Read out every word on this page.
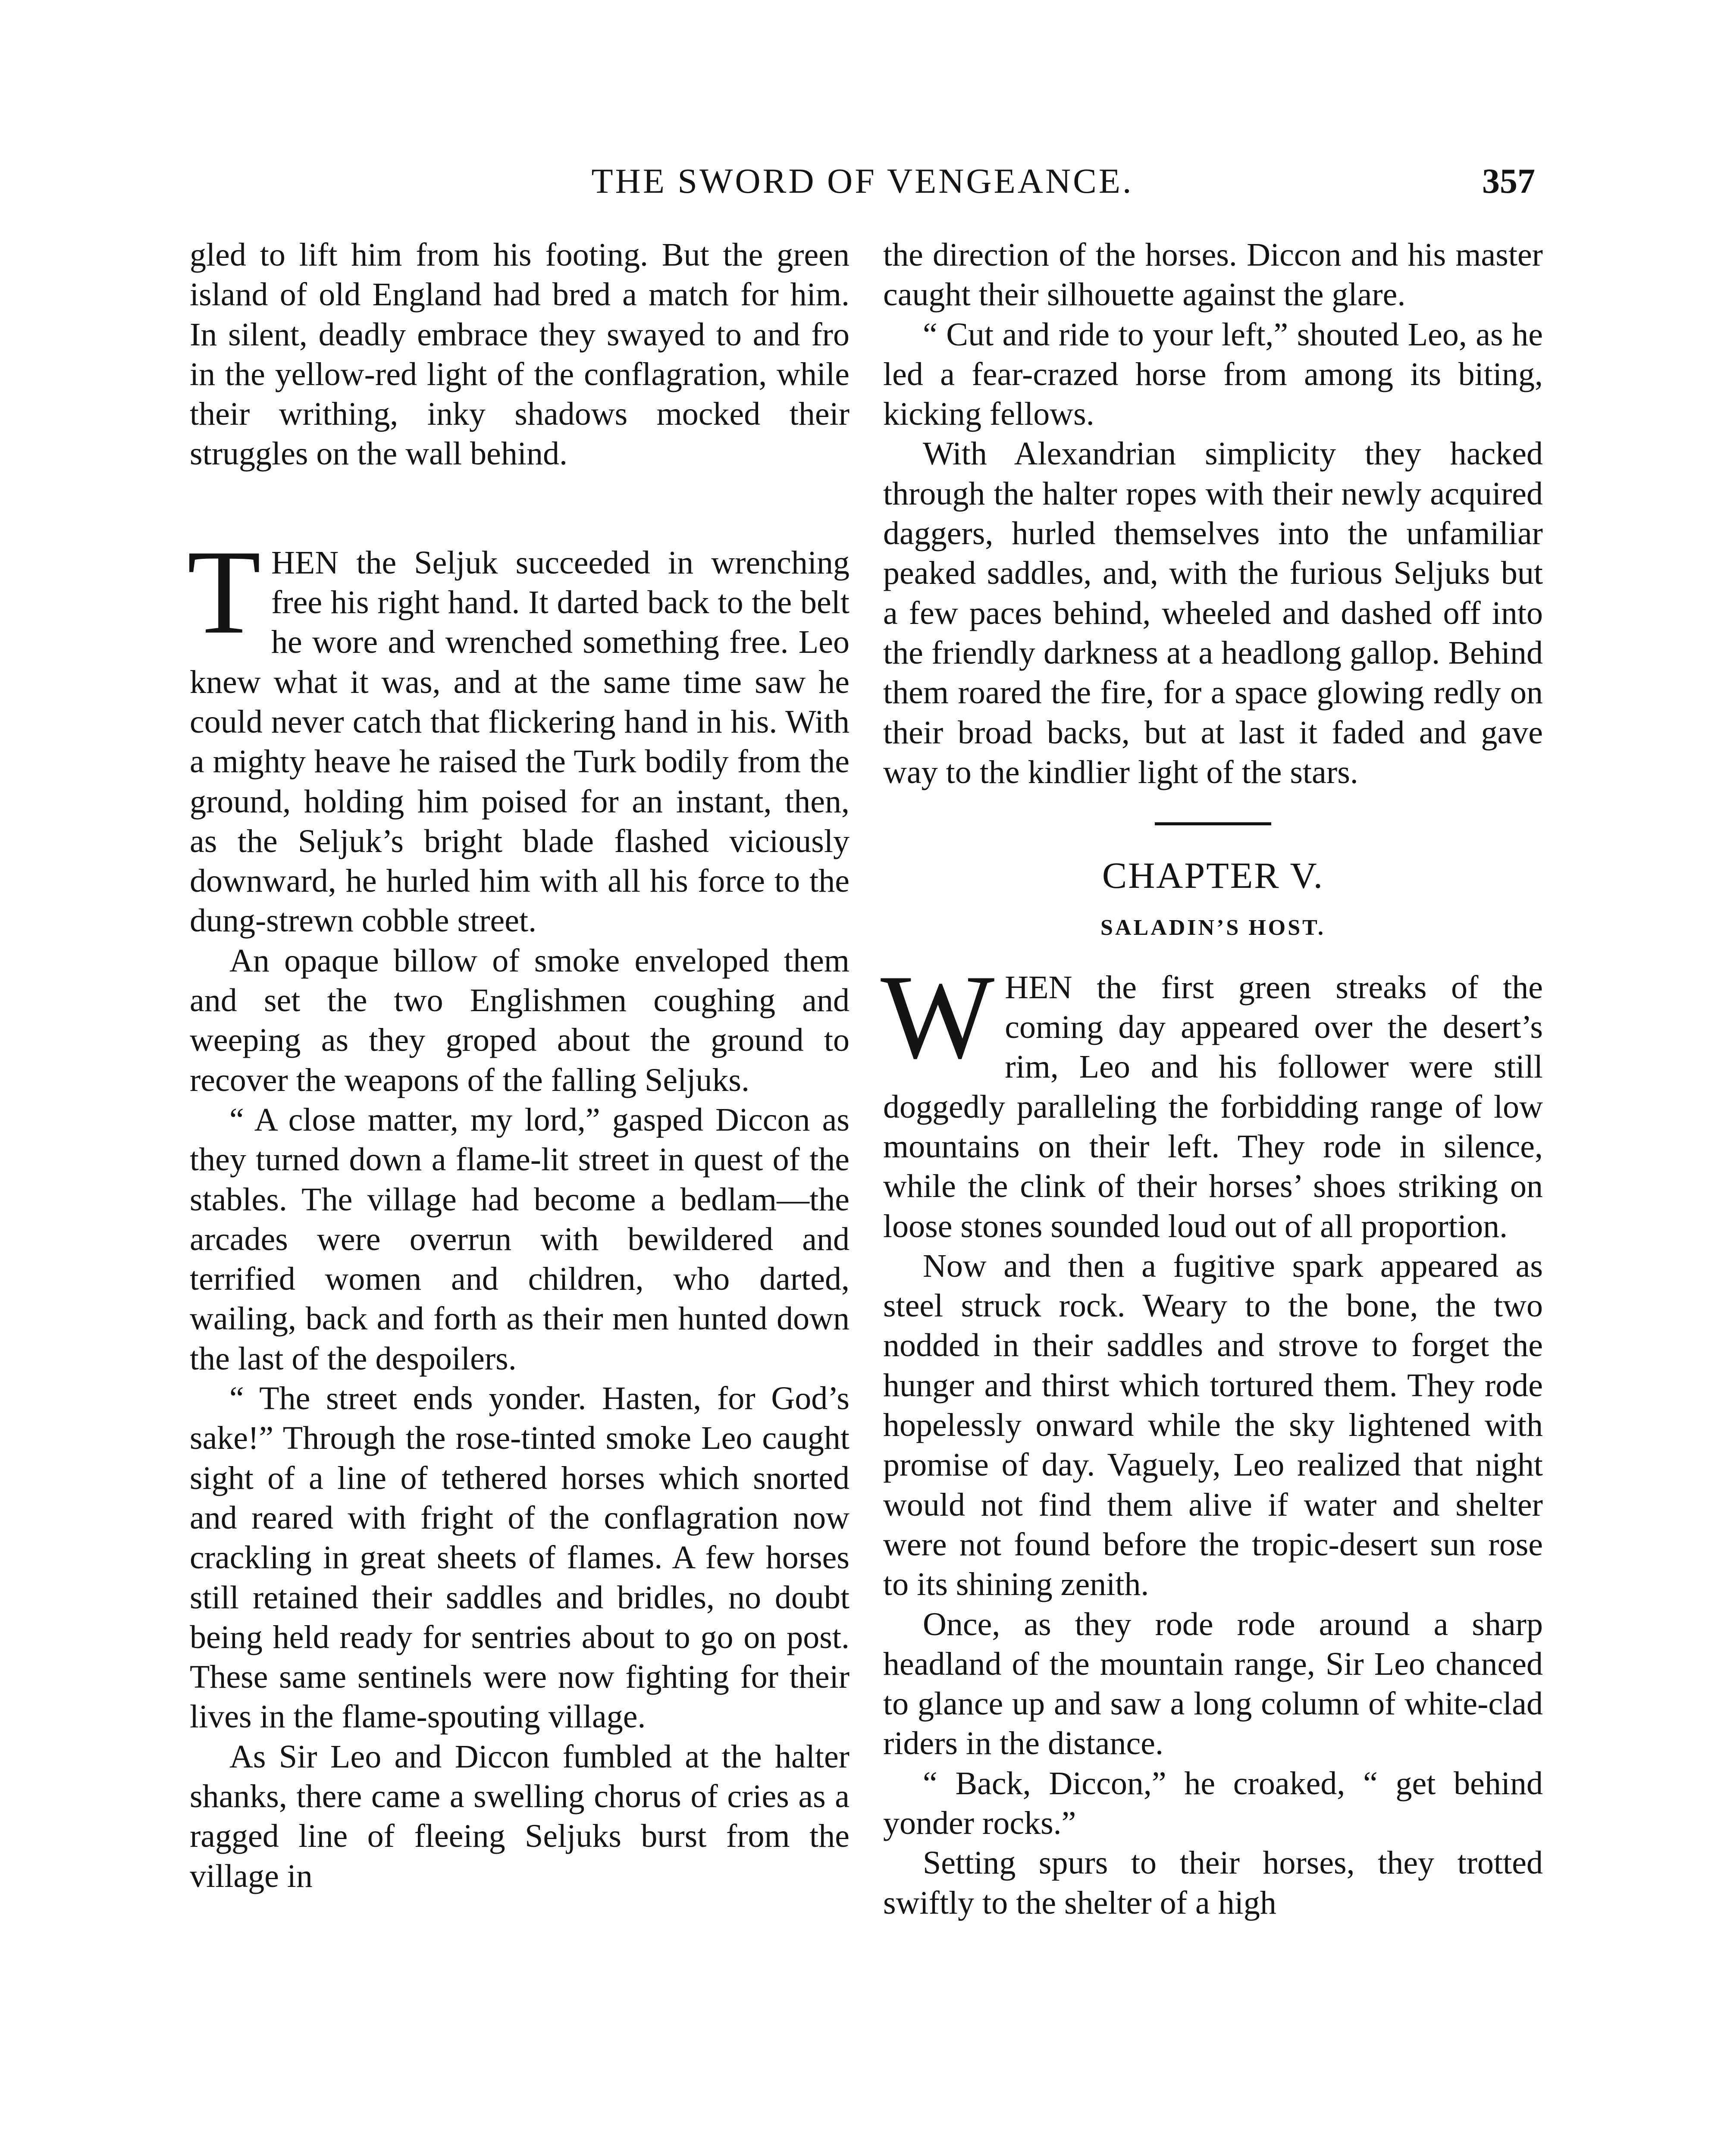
THE SWORD OF VENGEANCE.	357

gled to lift him from his footing. But the green island of old England had bred a match for him. In silent, deadly embrace they swayed to and fro in the yellow-red light of the conflagration, while their writhing, inky shadows mocked their struggles on the wall behind.

THEN the Seljuk succeeded in wrenching free his right hand. It darted back to the belt he wore and wrenched something free. Leo knew what it was, and at the same time saw he could never catch that flickering hand in his. With a mighty heave he raised the Turk bodily from the ground, holding him poised for an instant, then, as the Seljuk’s bright blade flashed viciously downward, he hurled him with all his force to the dung-strewn cobble street.

An opaque billow of smoke enveloped them and set the two Englishmen coughing and weeping as they groped about the ground to recover the weapons of the falling Seljuks.

“ A close matter, my lord,” gasped Diccon as they turned down a flame-lit street in quest of the stables. The village had become a bedlam—the arcades were overrun with bewildered and terrified women and children, who darted, wailing, back and forth as their men hunted down the last of the despoilers.

“ The street ends yonder. Hasten, for God’s sake!” Through the rose-tinted smoke Leo caught sight of a line of tethered horses which snorted and reared with fright of the conflagration now crackling in great sheets of flames. A few horses still retained their saddles and bridles, no doubt being held ready for sentries about to go on post. These same sentinels were now fighting for their lives in the flame-spouting village.

As Sir Leo and Diccon fumbled at the halter shanks, there came a swelling chorus of cries as a ragged line of fleeing Seljuks burst from the village in

the direction of the horses. Diccon and his master caught their silhouette against the glare.

“ Cut and ride to your left,” shouted Leo, as he led a fear-crazed horse from among its biting, kicking fellows.

With Alexandrian simplicity they hacked through the halter ropes with their newly acquired daggers, hurled themselves into the unfamiliar peaked saddles, and, with the furious Seljuks but a few paces behind, wheeled and dashed off into the friendly darkness at a headlong gallop. Behind them roared the fire, for a space glowing redly on their broad backs, but at last it faded and gave way to the kindlier light of the stars.

CHAPTER V.
SALADIN’S HOST.

WHEN the first green streaks of the coming day appeared over the desert’s rim, Leo and his follower were still doggedly paralleling the forbidding range of low mountains on their left. They rode in silence, while the clink of their horses’ shoes striking on loose stones sounded loud out of all proportion.

Now and then a fugitive spark appeared as steel struck rock. Weary to the bone, the two nodded in their saddles and strove to forget the hunger and thirst which tortured them. They rode hopelessly onward while the sky lightened with promise of day. Vaguely, Leo realized that night would not find them alive if water and shelter were not found before the tropic-desert sun rose to its shining zenith.

Once, as they rode rode around a sharp headland of the mountain range, Sir Leo chanced to glance up and saw a long column of white-clad riders in the distance.

“ Back, Diccon,” he croaked, “ get behind yonder rocks.”

Setting spurs to their horses, they trotted swiftly to the shelter of a high
